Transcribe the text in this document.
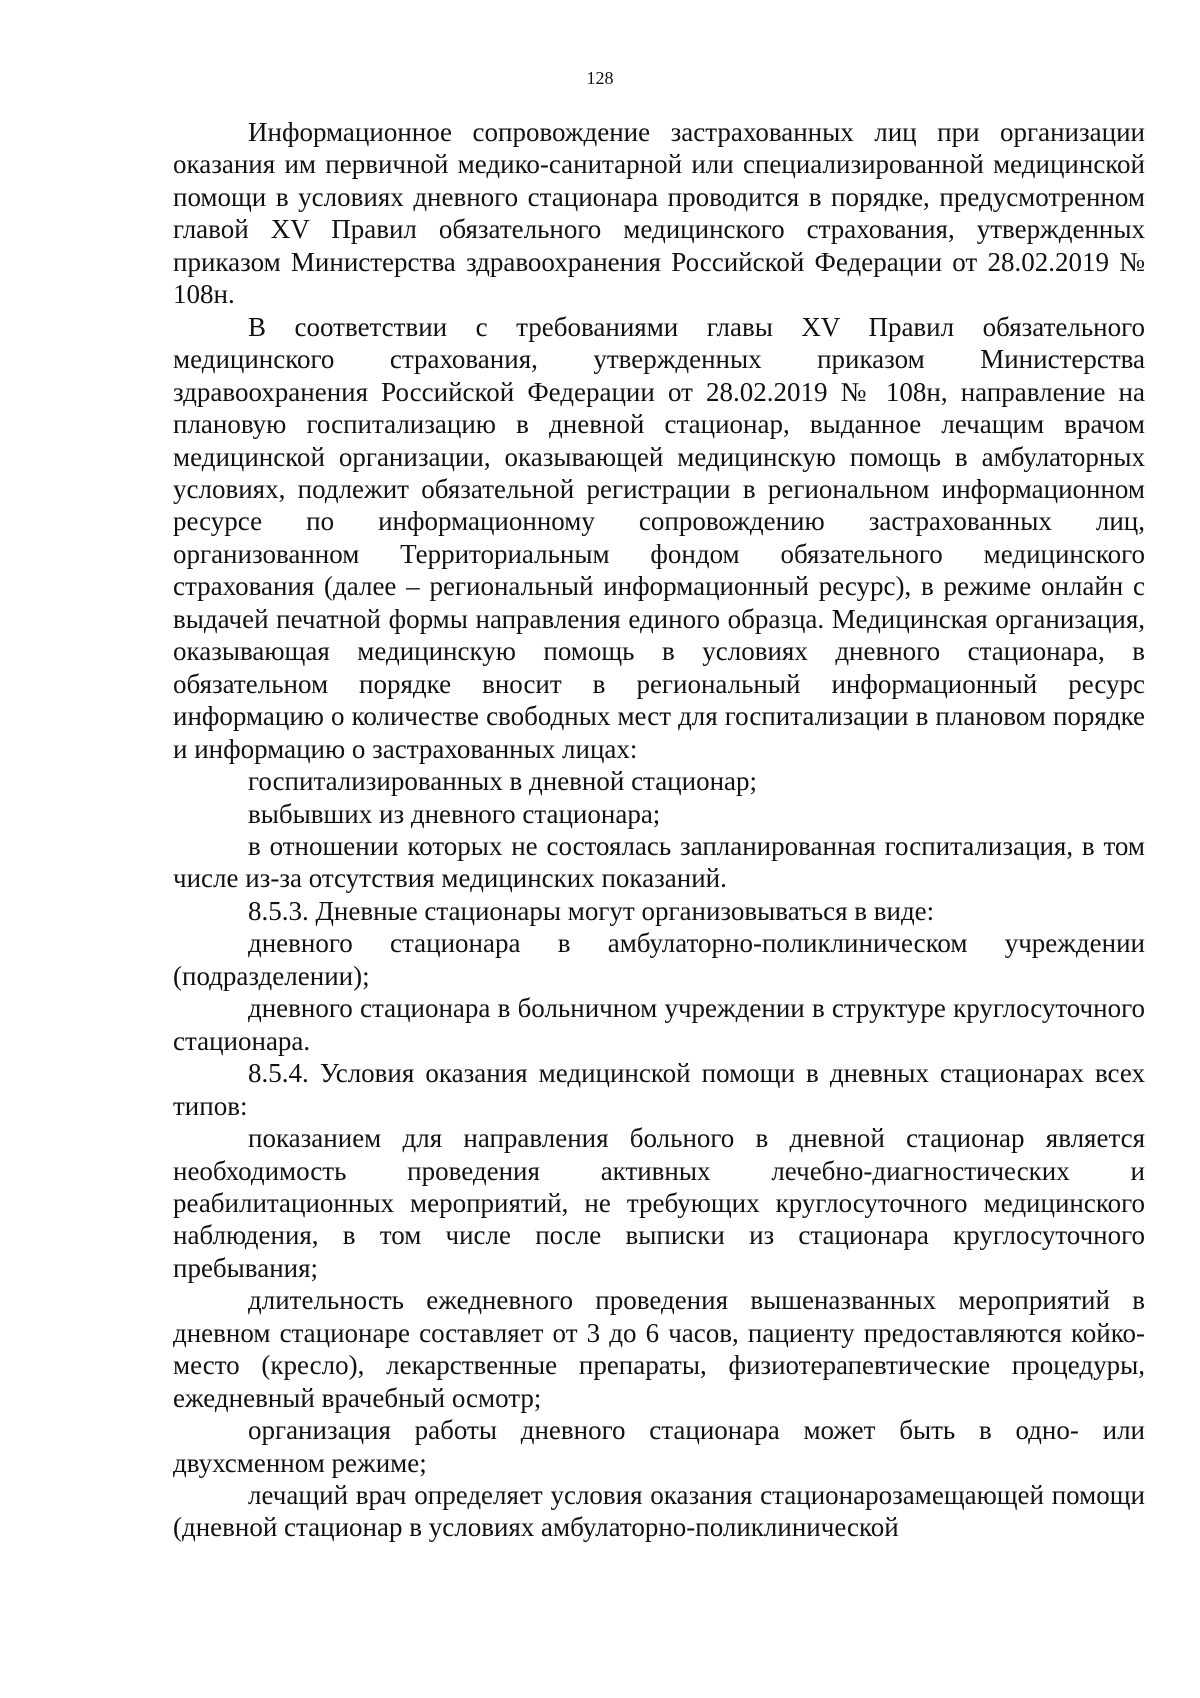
128

Информационное сопровождение застрахованных лиц при организации оказания им первичной медико-санитарной или специализированной медицинской помощи в условиях дневного стационара проводится в порядке, предусмотренном главой XV Правил обязательного медицинского страхования, утвержденных приказом Министерства здравоохранения Российской Федерации от 28.02.2019 № 108н.

В соответствии с требованиями главы XV Правил обязательного медицинского страхования, утвержденных приказом Министерства здравоохранения Российской Федерации от 28.02.2019 № 108н, направление на плановую госпитализацию в дневной стационар, выданное лечащим врачом медицинской организации, оказывающей медицинскую помощь в амбулаторных условиях, подлежит обязательной регистрации в региональном информационном ресурсе по информационному сопровождению застрахованных лиц, организованном Территориальным фондом обязательного медицинского страхования (далее – региональный информационный ресурс), в режиме онлайн с выдачей печатной формы направления единого образца. Медицинская организация, оказывающая медицинскую помощь в условиях дневного стационара, в обязательном порядке вносит в региональный информационный ресурс информацию о количестве свободных мест для госпитализации в плановом порядке и информацию о застрахованных лицах:

госпитализированных в дневной стационар;

выбывших из дневного стационара;

в отношении которых не состоялась запланированная госпитализация, в том числе из-за отсутствия медицинских показаний.

8.5.3. Дневные стационары могут организовываться в виде:

дневного стационара в амбулаторно-поликлиническом учреждении (подразделении);

дневного стационара в больничном учреждении в структуре круглосуточного стационара.

8.5.4. Условия оказания медицинской помощи в дневных стационарах всех типов:

показанием для направления больного в дневной стационар является необходимость проведения активных лечебно-диагностических и реабилитационных мероприятий, не требующих круглосуточного медицинского наблюдения, в том числе после выписки из стационара круглосуточного пребывания;

длительность ежедневного проведения вышеназванных мероприятий в дневном стационаре составляет от 3 до 6 часов, пациенту предоставляются койко-место (кресло), лекарственные препараты, физиотерапевтические процедуры, ежедневный врачебный осмотр;

организация работы дневного стационара может быть в одно- или двухсменном режиме;

лечащий врач определяет условия оказания стационарозамещающей помощи (дневной стационар в условиях амбулаторно-поликлинической
